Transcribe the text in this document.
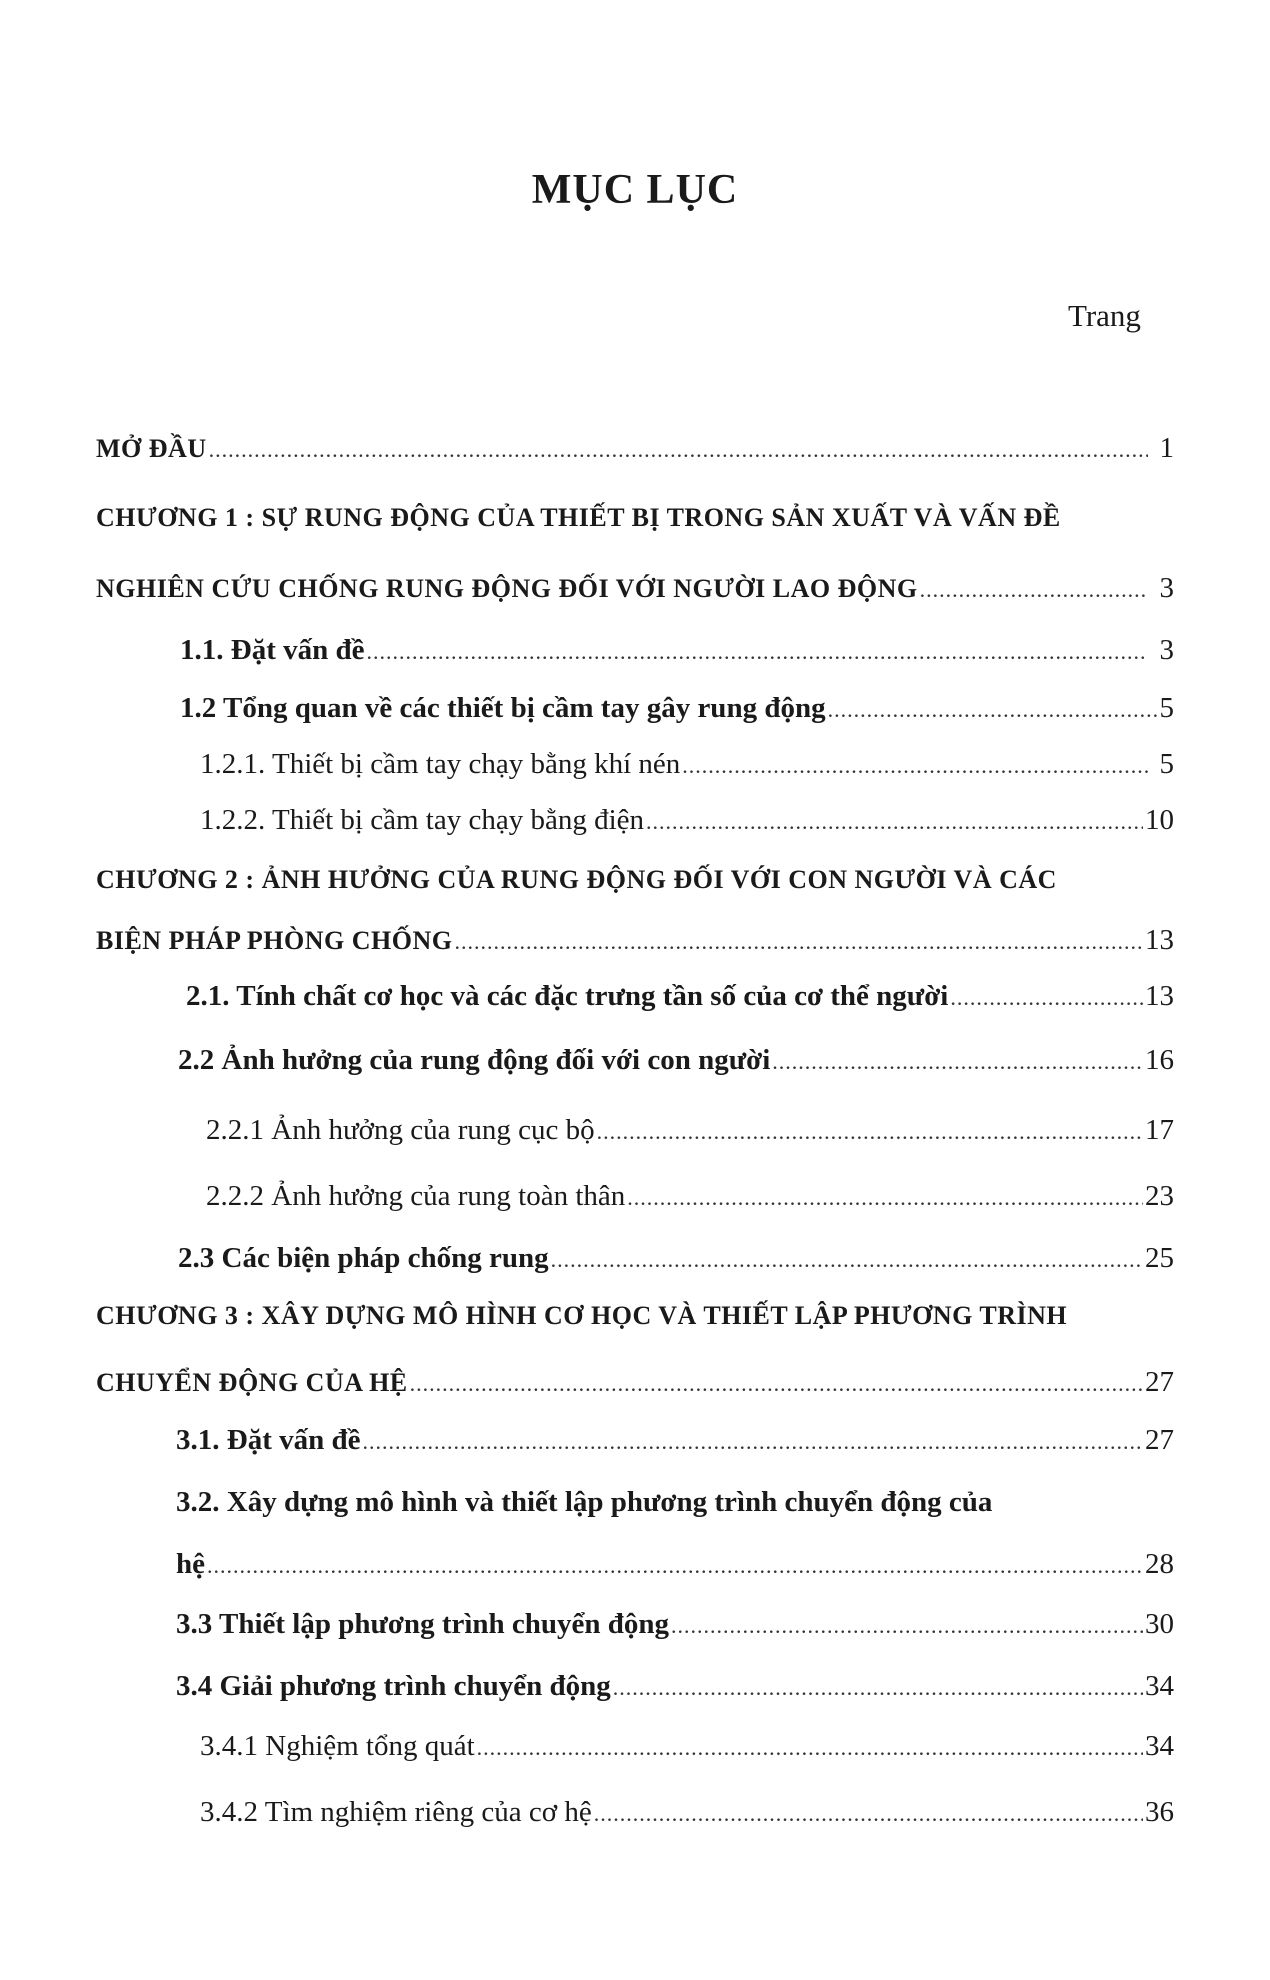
MỤC LỤC
Trang
MỞ ĐẦU .....	1
CHƯƠNG 1 : SỰ RUNG ĐỘNG CỦA THIẾT BỊ TRONG SẢN XUẤT VÀ VẤN ĐỀ
NGHIÊN CỨU CHỐNG RUNG ĐỘNG ĐỐI VỚI NGƯỜI LAO ĐỘNG .....	3
1.1. Đặt vấn đề .....	3
1.2 Tổng quan về các thiết bị cầm tay gây rung động .....	5
1.2.1. Thiết bị cầm tay chạy bằng khí nén .....	5
1.2.2. Thiết bị cầm tay chạy bằng điện .....	10
CHƯƠNG 2 : ẢNH HƯỞNG CỦA RUNG ĐỘNG ĐỐI VỚI CON NGƯỜI VÀ CÁC
BIỆN PHÁP PHÒNG CHỐNG .....	13
2.1. Tính chất cơ học và các đặc trưng tần số của cơ thể người .....	13
2.2 Ảnh hưởng của rung động đối với con người .....	16
2.2.1 Ảnh hưởng của rung cục bộ .....	17
2.2.2 Ảnh hưởng của rung toàn thân .....	23
2.3 Các biện pháp chống rung .....	25
CHƯƠNG 3 : XÂY DỰNG MÔ HÌNH CƠ HỌC VÀ THIẾT LẬP PHƯƠNG TRÌNH
CHUYỂN ĐỘNG CỦA HỆ .....	27
3.1. Đặt vấn đề .....	27
3.2. Xây dựng mô hình và thiết lập phương trình chuyển động của
hệ .....	28
3.3 Thiết lập phương trình chuyển động .....	30
3.4 Giải phương trình chuyển động .....	34
3.4.1 Nghiệm tổng quát .....	34
3.4.2 Tìm nghiệm riêng của cơ hệ .....	36
